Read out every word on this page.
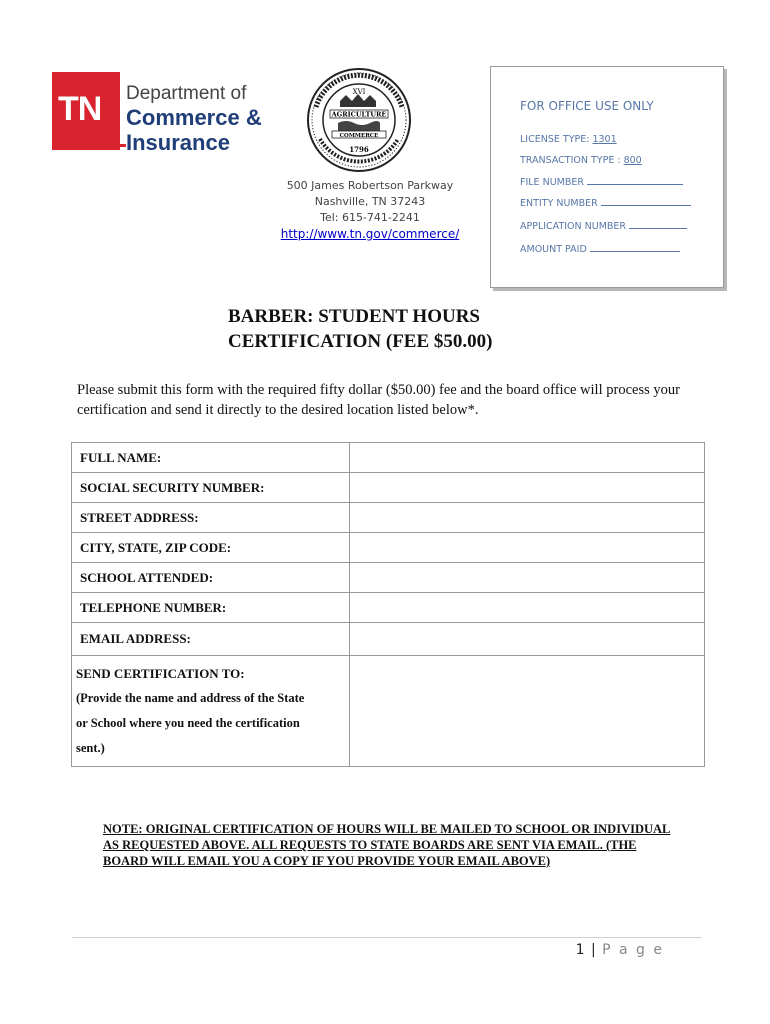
TN Department of
Commerce &
Insurance
XVI
AGRICULTURE
COMMERCE
1796
500 James Robertson Parkway
Nashville, TN 37243
Tel: 615-741-2241
http://www.tn.gov/commerce/
FOR OFFICE USE ONLY
LICENSE TYPE: 1301
TRANSACTION TYPE : 800
FILE NUMBER
ENTITY NUMBER
APPLICATION NUMBER
AMOUNT PAID
BARBER: STUDENT HOURS
CERTIFICATION (FEE $50.00)
Please submit this form with the required fifty dollar ($50.00) fee and the board office will process your certification and send it directly to the desired location listed below*.
FULL NAME:
SOCIAL SECURITY NUMBER:
STREET ADDRESS:
CITY, STATE, ZIP CODE:
SCHOOL ATTENDED:
TELEPHONE NUMBER:
EMAIL ADDRESS:
SEND CERTIFICATION TO:
(Provide the name and address of the State
or School where you need the certification
sent.)
NOTE: ORIGINAL CERTIFICATION OF HOURS WILL BE MAILED TO SCHOOL OR INDIVIDUAL AS REQUESTED ABOVE. ALL REQUESTS TO STATE BOARDS ARE SENT VIA EMAIL. (THE BOARD WILL EMAIL YOU A COPY IF YOU PROVIDE YOUR EMAIL ABOVE)
1 | P a g e
